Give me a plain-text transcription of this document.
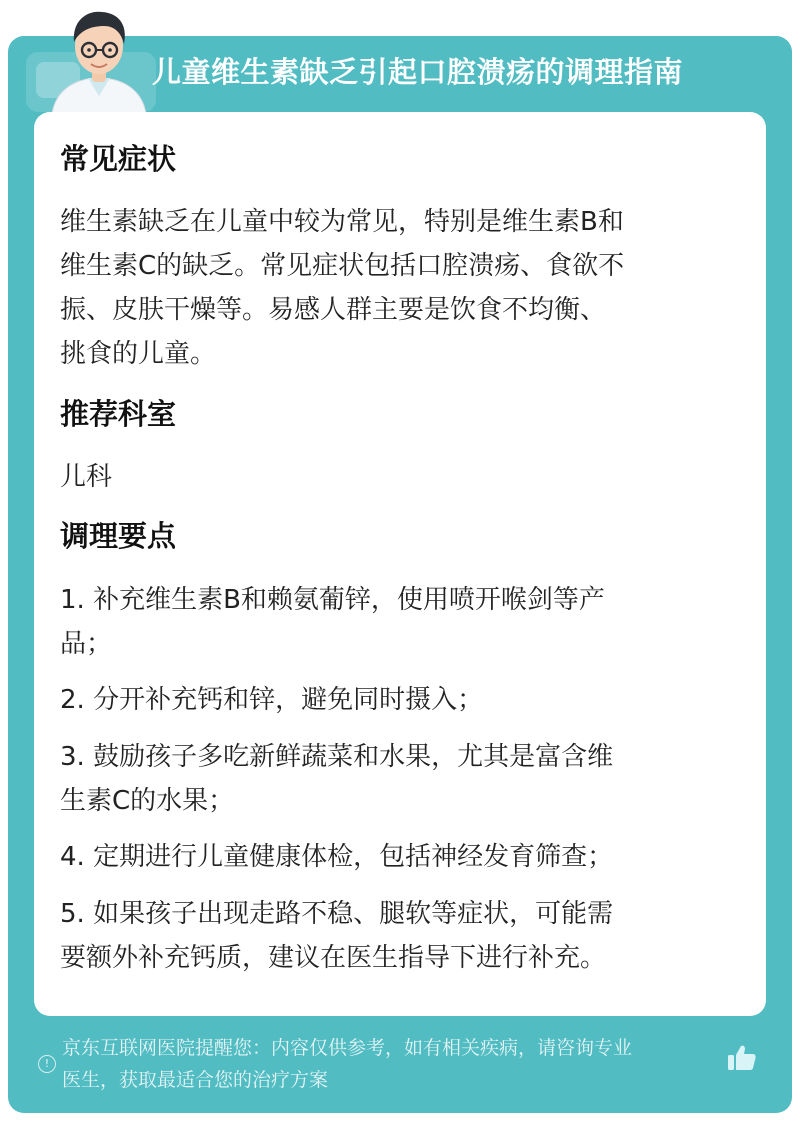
儿童维生素缺乏引起口腔溃疡的调理指南
常见症状
维生素缺乏在儿童中较为常见，特别是维生素B和
维生素C的缺乏。常见症状包括口腔溃疡、食欲不
振、皮肤干燥等。易感人群主要是饮食不均衡、
挑食的儿童。
推荐科室
儿科
调理要点
1. 补充维生素B和赖氨葡锌，使用喷开喉剑等产
品；
2. 分开补充钙和锌，避免同时摄入；
3. 鼓励孩子多吃新鲜蔬菜和水果，尤其是富含维
生素C的水果；
4. 定期进行儿童健康体检，包括神经发育筛查；
5. 如果孩子出现走路不稳、腿软等症状，可能需
要额外补充钙质，建议在医生指导下进行补充。
!
京东互联网医院提醒您：内容仅供参考，如有相关疾病，请咨询专业
医生，获取最适合您的治疗方案
